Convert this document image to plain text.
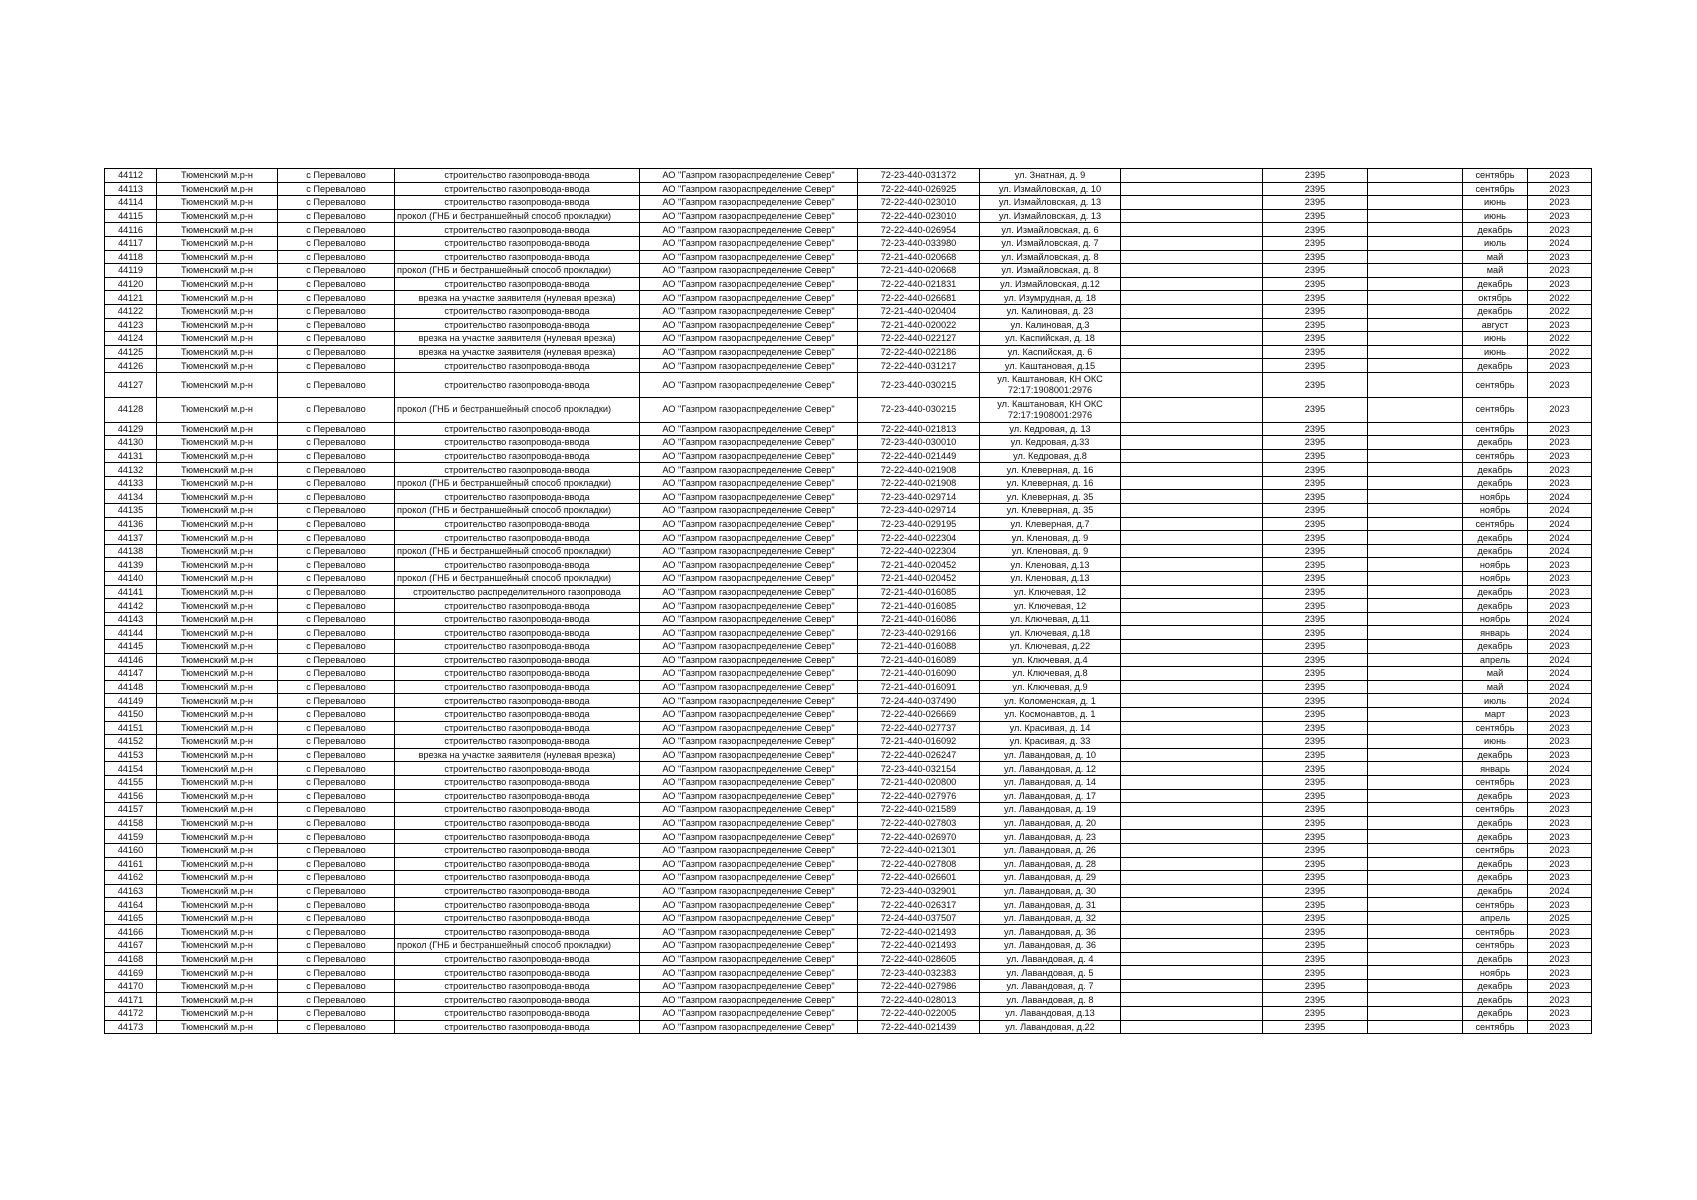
44112	Тюменский м.р-н	с Перевалово	строительство газопровода-ввода	АО "Газпром газораспределение Север"	72-23-440-031372	ул. Знатная, д. 9		2395		сентябрь	2023
44113	Тюменский м.р-н	с Перевалово	строительство газопровода-ввода	АО "Газпром газораспределение Север"	72-22-440-026925	ул. Измайловская, д. 10		2395		сентябрь	2023
44114	Тюменский м.р-н	с Перевалово	строительство газопровода-ввода	АО "Газпром газораспределение Север"	72-22-440-023010	ул. Измайловская, д. 13		2395		июнь	2023
44115	Тюменский м.р-н	с Перевалово	прокол (ГНБ и бестраншейный способ прокладки)	АО "Газпром газораспределение Север"	72-22-440-023010	ул. Измайловская, д. 13		2395		июнь	2023
44116	Тюменский м.р-н	с Перевалово	строительство газопровода-ввода	АО "Газпром газораспределение Север"	72-22-440-026954	ул. Измайловская, д. 6		2395		декабрь	2023
44117	Тюменский м.р-н	с Перевалово	строительство газопровода-ввода	АО "Газпром газораспределение Север"	72-23-440-033980	ул. Измайловская, д. 7		2395		июль	2024
44118	Тюменский м.р-н	с Перевалово	строительство газопровода-ввода	АО "Газпром газораспределение Север"	72-21-440-020668	ул. Измайловская, д. 8		2395		май	2023
44119	Тюменский м.р-н	с Перевалово	прокол (ГНБ и бестраншейный способ прокладки)	АО "Газпром газораспределение Север"	72-21-440-020668	ул. Измайловская, д. 8		2395		май	2023
44120	Тюменский м.р-н	с Перевалово	строительство газопровода-ввода	АО "Газпром газораспределение Север"	72-22-440-021831	ул. Измайловская, д.12		2395		декабрь	2023
44121	Тюменский м.р-н	с Перевалово	врезка на участке заявителя (нулевая врезка)	АО "Газпром газораспределение Север"	72-22-440-026681	ул. Изумрудная, д. 18		2395		октябрь	2022
44122	Тюменский м.р-н	с Перевалово	строительство газопровода-ввода	АО "Газпром газораспределение Север"	72-21-440-020404	ул. Калиновая, д. 23		2395		декабрь	2022
44123	Тюменский м.р-н	с Перевалово	строительство газопровода-ввода	АО "Газпром газораспределение Север"	72-21-440-020022	ул. Калиновая, д.3		2395		август	2023
44124	Тюменский м.р-н	с Перевалово	врезка на участке заявителя (нулевая врезка)	АО "Газпром газораспределение Север"	72-22-440-022127	ул. Каспийская, д. 18		2395		июнь	2022
44125	Тюменский м.р-н	с Перевалово	врезка на участке заявителя (нулевая врезка)	АО "Газпром газораспределение Север"	72-22-440-022186	ул. Каспийская, д. 6		2395		июнь	2022
44126	Тюменский м.р-н	с Перевалово	строительство газопровода-ввода	АО "Газпром газораспределение Север"	72-22-440-031217	ул. Каштановая, д.15		2395		декабрь	2023
44127	Тюменский м.р-н	с Перевалово	строительство газопровода-ввода	АО "Газпром газораспределение Север"	72-23-440-030215	ул. Каштановая, КН ОКС 72:17:1908001:2976		2395		сентябрь	2023
44128	Тюменский м.р-н	с Перевалово	прокол (ГНБ и бестраншейный способ прокладки)	АО "Газпром газораспределение Север"	72-23-440-030215	ул. Каштановая, КН ОКС 72:17:1908001:2976		2395		сентябрь	2023
44129	Тюменский м.р-н	с Перевалово	строительство газопровода-ввода	АО "Газпром газораспределение Север"	72-22-440-021813	ул. Кедровая, д. 13		2395		сентябрь	2023
44130	Тюменский м.р-н	с Перевалово	строительство газопровода-ввода	АО "Газпром газораспределение Север"	72-23-440-030010	ул. Кедровая, д.33		2395		декабрь	2023
44131	Тюменский м.р-н	с Перевалово	строительство газопровода-ввода	АО "Газпром газораспределение Север"	72-22-440-021449	ул. Кедровая, д.8		2395		сентябрь	2023
44132	Тюменский м.р-н	с Перевалово	строительство газопровода-ввода	АО "Газпром газораспределение Север"	72-22-440-021908	ул. Клеверная, д. 16		2395		декабрь	2023
44133	Тюменский м.р-н	с Перевалово	прокол (ГНБ и бестраншейный способ прокладки)	АО "Газпром газораспределение Север"	72-22-440-021908	ул. Клеверная, д. 16		2395		декабрь	2023
44134	Тюменский м.р-н	с Перевалово	строительство газопровода-ввода	АО "Газпром газораспределение Север"	72-23-440-029714	ул. Клеверная, д. 35		2395		ноябрь	2024
44135	Тюменский м.р-н	с Перевалово	прокол (ГНБ и бестраншейный способ прокладки)	АО "Газпром газораспределение Север"	72-23-440-029714	ул. Клеверная, д. 35		2395		ноябрь	2024
44136	Тюменский м.р-н	с Перевалово	строительство газопровода-ввода	АО "Газпром газораспределение Север"	72-23-440-029195	ул. Клеверная, д.7		2395		сентябрь	2024
44137	Тюменский м.р-н	с Перевалово	строительство газопровода-ввода	АО "Газпром газораспределение Север"	72-22-440-022304	ул. Кленовая, д. 9		2395		декабрь	2024
44138	Тюменский м.р-н	с Перевалово	прокол (ГНБ и бестраншейный способ прокладки)	АО "Газпром газораспределение Север"	72-22-440-022304	ул. Кленовая, д. 9		2395		декабрь	2024
44139	Тюменский м.р-н	с Перевалово	строительство газопровода-ввода	АО "Газпром газораспределение Север"	72-21-440-020452	ул. Кленовая, д.13		2395		ноябрь	2023
44140	Тюменский м.р-н	с Перевалово	прокол (ГНБ и бестраншейный способ прокладки)	АО "Газпром газораспределение Север"	72-21-440-020452	ул. Кленовая, д.13		2395		ноябрь	2023
44141	Тюменский м.р-н	с Перевалово	строительство распределительного газопровода	АО "Газпром газораспределение Север"	72-21-440-016085	ул. Ключевая, 12		2395		декабрь	2023
44142	Тюменский м.р-н	с Перевалово	строительство газопровода-ввода	АО "Газпром газораспределение Север"	72-21-440-016085	ул. Ключевая, 12		2395		декабрь	2023
44143	Тюменский м.р-н	с Перевалово	строительство газопровода-ввода	АО "Газпром газораспределение Север"	72-21-440-016086	ул. Ключевая, д.11		2395		ноябрь	2024
44144	Тюменский м.р-н	с Перевалово	строительство газопровода-ввода	АО "Газпром газораспределение Север"	72-23-440-029166	ул. Ключевая, д.18		2395		январь	2024
44145	Тюменский м.р-н	с Перевалово	строительство газопровода-ввода	АО "Газпром газораспределение Север"	72-21-440-016088	ул. Ключевая, д.22		2395		декабрь	2023
44146	Тюменский м.р-н	с Перевалово	строительство газопровода-ввода	АО "Газпром газораспределение Север"	72-21-440-016089	ул. Ключевая, д.4		2395		апрель	2024
44147	Тюменский м.р-н	с Перевалово	строительство газопровода-ввода	АО "Газпром газораспределение Север"	72-21-440-016090	ул. Ключевая, д.8		2395		май	2024
44148	Тюменский м.р-н	с Перевалово	строительство газопровода-ввода	АО "Газпром газораспределение Север"	72-21-440-016091	ул. Ключевая, д.9		2395		май	2024
44149	Тюменский м.р-н	с Перевалово	строительство газопровода-ввода	АО "Газпром газораспределение Север"	72-24-440-037490	ул. Коломенская, д. 1		2395		июль	2024
44150	Тюменский м.р-н	с Перевалово	строительство газопровода-ввода	АО "Газпром газораспределение Север"	72-22-440-026669	ул. Космонавтов, д. 1		2395		март	2023
44151	Тюменский м.р-н	с Перевалово	строительство газопровода-ввода	АО "Газпром газораспределение Север"	72-22-440-027737	ул. Красивая, д. 14		2395		сентябрь	2023
44152	Тюменский м.р-н	с Перевалово	строительство газопровода-ввода	АО "Газпром газораспределение Север"	72-21-440-016092	ул. Красивая, д. 33		2395		июнь	2023
44153	Тюменский м.р-н	с Перевалово	врезка на участке заявителя (нулевая врезка)	АО "Газпром газораспределение Север"	72-22-440-026247	ул. Лавандовая, д. 10		2395		декабрь	2023
44154	Тюменский м.р-н	с Перевалово	строительство газопровода-ввода	АО "Газпром газораспределение Север"	72-23-440-032154	ул. Лавандовая, д. 12		2395		январь	2024
44155	Тюменский м.р-н	с Перевалово	строительство газопровода-ввода	АО "Газпром газораспределение Север"	72-21-440-020800	ул. Лавандовая, д. 14		2395		сентябрь	2023
44156	Тюменский м.р-н	с Перевалово	строительство газопровода-ввода	АО "Газпром газораспределение Север"	72-22-440-027976	ул. Лавандовая, д. 17		2395		декабрь	2023
44157	Тюменский м.р-н	с Перевалово	строительство газопровода-ввода	АО "Газпром газораспределение Север"	72-22-440-021589	ул. Лавандовая, д. 19		2395		сентябрь	2023
44158	Тюменский м.р-н	с Перевалово	строительство газопровода-ввода	АО "Газпром газораспределение Север"	72-22-440-027803	ул. Лавандовая, д. 20		2395		декабрь	2023
44159	Тюменский м.р-н	с Перевалово	строительство газопровода-ввода	АО "Газпром газораспределение Север"	72-22-440-026970	ул. Лавандовая, д. 23		2395		декабрь	2023
44160	Тюменский м.р-н	с Перевалово	строительство газопровода-ввода	АО "Газпром газораспределение Север"	72-22-440-021301	ул. Лавандовая, д. 26		2395		сентябрь	2023
44161	Тюменский м.р-н	с Перевалово	строительство газопровода-ввода	АО "Газпром газораспределение Север"	72-22-440-027808	ул. Лавандовая, д. 28		2395		декабрь	2023
44162	Тюменский м.р-н	с Перевалово	строительство газопровода-ввода	АО "Газпром газораспределение Север"	72-22-440-026601	ул. Лавандовая, д. 29		2395		декабрь	2023
44163	Тюменский м.р-н	с Перевалово	строительство газопровода-ввода	АО "Газпром газораспределение Север"	72-23-440-032901	ул. Лавандовая, д. 30		2395		декабрь	2024
44164	Тюменский м.р-н	с Перевалово	строительство газопровода-ввода	АО "Газпром газораспределение Север"	72-22-440-026317	ул. Лавандовая, д. 31		2395		сентябрь	2023
44165	Тюменский м.р-н	с Перевалово	строительство газопровода-ввода	АО "Газпром газораспределение Север"	72-24-440-037507	ул. Лавандовая, д. 32		2395		апрель	2025
44166	Тюменский м.р-н	с Перевалово	строительство газопровода-ввода	АО "Газпром газораспределение Север"	72-22-440-021493	ул. Лавандовая, д. 36		2395		сентябрь	2023
44167	Тюменский м.р-н	с Перевалово	прокол (ГНБ и бестраншейный способ прокладки)	АО "Газпром газораспределение Север"	72-22-440-021493	ул. Лавандовая, д. 36		2395		сентябрь	2023
44168	Тюменский м.р-н	с Перевалово	строительство газопровода-ввода	АО "Газпром газораспределение Север"	72-22-440-028605	ул. Лавандовая, д. 4		2395		декабрь	2023
44169	Тюменский м.р-н	с Перевалово	строительство газопровода-ввода	АО "Газпром газораспределение Север"	72-23-440-032383	ул. Лавандовая, д. 5		2395		ноябрь	2023
44170	Тюменский м.р-н	с Перевалово	строительство газопровода-ввода	АО "Газпром газораспределение Север"	72-22-440-027986	ул. Лавандовая, д. 7		2395		декабрь	2023
44171	Тюменский м.р-н	с Перевалово	строительство газопровода-ввода	АО "Газпром газораспределение Север"	72-22-440-028013	ул. Лавандовая, д. 8		2395		декабрь	2023
44172	Тюменский м.р-н	с Перевалово	строительство газопровода-ввода	АО "Газпром газораспределение Север"	72-22-440-022005	ул. Лавандовая, д.13		2395		декабрь	2023
44173	Тюменский м.р-н	с Перевалово	строительство газопровода-ввода	АО "Газпром газораспределение Север"	72-22-440-021439	ул. Лавандовая, д.22		2395		сентябрь	2023
